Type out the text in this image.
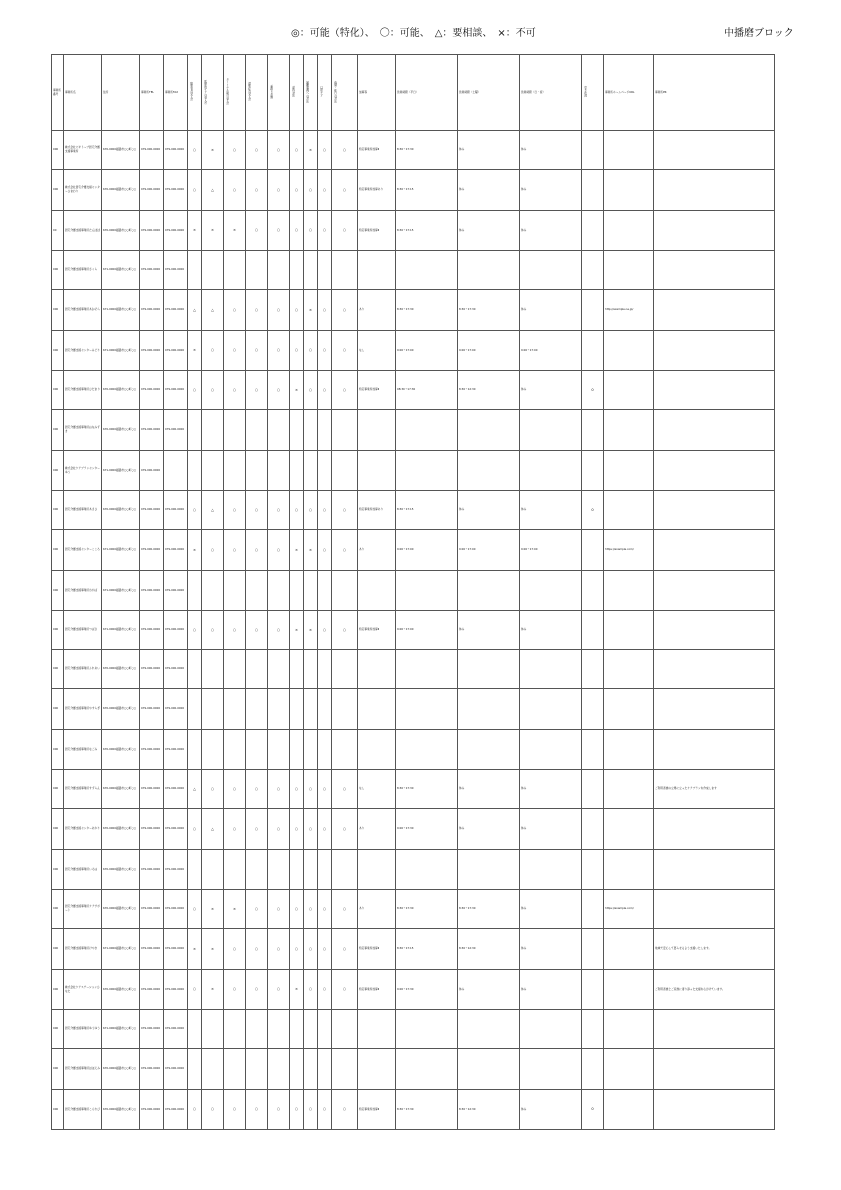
◎：可能（特化）、　〇：可能、　△：要相談、　×：不可	中播磨ブロック
事業所番号	事業所名	住所	事業所TEL	事業所FAX	障害者の受入れ	医療的ケアの受入れ	ターミナル期の受入れ	認知症の受入れ	看取り介護	虐待対応	困難事例への対応	口腔ケア	夜間・休日の対応	加算等	営業時間（平日）	営業時間（土曜）	営業時間（日・祝）	空き状況	事業所ホームページURL	事業所PR
000	株式会社ビオトープ居宅介護支援事業所	670-0000姫路市○○町○○	079-000-0000	079-000-0000	○	×	○	○	○	○	×	○	○	特定事業所加算Ⅱ	8:30〜17:30	休み	休み			
000	株式会社居宅介護支援センターひまわり	670-0000姫路市○○町○○	079-000-0000	079-000-0000	○	△	○	○	○	○	○	○	○	特定事業所加算あり	8:30〜17:15	休み	休み			
00	居宅介護支援事業所たんぽぽ	670-0000姫路市○○町○○	079-000-0000	079-000-0000	×	×	×	○	○	○	○	○	○	特定事業所加算Ⅱ	8:30〜17:15	休み	休み			
000	居宅介護支援事業所さくら	671-0000姫路市○○町○○	079-000-0000	079-000-0000																
000	居宅介護支援事業所あおぞら	671-0000姫路市○○町○○	079-000-0000	079-000-0000	△	△	○	○	○	○	×	○	○	あり	8:30〜17:30	8:30〜17:30	休み		http://example.ne.jp/	
000	居宅介護支援センターみどり	671-0000姫路市○○町○○	079-000-0000	079-000-0000	×	○	○	○	○	○	○	○	○	なし	9:00〜17:00	9:00〜17:00	9:00〜17:00			
000	居宅介護支援事業所ひだまり	670-0000姫路市○○町○○	079-000-0000	079-000-0000	○	○	○	○	○	×	○	○	○	特定事業所加算Ⅱ	08:30〜17:30	8:30〜12:30	休み	0		
000	居宅介護支援事業所はなみずき	670-0000姫路市○○町○○	079-000-0000	079-000-0000																
000	株式会社ケアプランセンターゆう	671-0000姫路市○○町○○	079-000-0000																	
000	居宅介護支援事業所あさひ	670-0000姫路市○○町○○	079-000-0000	079-000-0000	○	△	○	○	○	○	○	○	○	特定事業所加算あり	8:30〜17:15	休み	休み	0		
000	居宅介護支援センターこころ	671-0000姫路市○○町○○	079-000-0000	079-000-0000	×	○	○	○	○	×	×	○	○	あり	9:00〜17:00	9:00〜17:00	9:00〜17:00		https://example.com/	
000	居宅介護支援事業所わかば	671-0000姫路市○○町○○	079-000-0000	079-000-0000																
000	居宅介護支援事業所つばさ	671-0000姫路市○○町○○	079-000-0000	079-000-0000	○	○	○	○	○	×	×	○	○	特定事業所加算Ⅱ	9:00〜17:00	休み	休み			
000	居宅介護支援事業所ふれあい	670-0000姫路市○○町○○	079-000-0000	079-000-0000																
000	居宅介護支援事業所やすらぎ	670-0000姫路市○○町○○	079-000-0000	079-000-0000																
000	居宅介護支援事業所なごみ	670-0000姫路市○○町○○	079-000-0000	079-000-0000																
000	居宅介護支援事業所すずらん	670-0000姫路市○○町○○	079-000-0000	079-000-0000	△	○	○	○	○	○	○	○	○	なし	8:30〜17:30	休み	休み			ご利用者様の立場に立ったケアプランを作成します
000	居宅介護支援センターあかり	670-0000姫路市○○町○○	079-000-0000	079-000-0000	○	△	○	○	○	○	○	○	○	あり	9:00〜17:30	休み	休み			
000	居宅介護支援事業所いろは	670-0000姫路市○○町○○	079-000-0000	079-000-0000																
000	居宅介護支援事業所ケアサポート	670-0000姫路市○○町○○	079-000-0000	079-000-0000	○	×	×	○	○	○	○	○	○	あり	8:30〜17:30	8:30〜17:30	休み		https://example.com/	
000	居宅介護支援事業所けやき	671-0000姫路市○○町○○	079-000-0000	079-000-0000	×	×	○	○	○	○	○	○	○	特定事業所加算Ⅱ	8:30〜17:15	8:30〜12:30	休み			地域で安心して暮らせるよう支援いたします。
000	株式会社ケアステーションひなた	670-0000姫路市○○町○○	079-000-0000	079-000-0000	○	×	○	○	○	×	○	○	○	特定事業所加算Ⅱ	9:00〜17:30	休み	休み			ご利用者様とご家族に寄り添った支援を心がけています。
000	居宅介護支援事業所ゆうゆう	671-0000姫路市○○町○○	079-000-0000	079-000-0000																
000	居宅介護支援事業所ほほえみ	670-0000姫路市○○町○○	079-000-0000	079-000-0000																
000	居宅介護支援事業所こもれび	670-0000姫路市○○町○○	079-000-0000	079-000-0000	○	○	○	○	○	○	○	○	○	特定事業所加算Ⅱ	8:30〜17:30	8:30〜12:30	休み	0		
